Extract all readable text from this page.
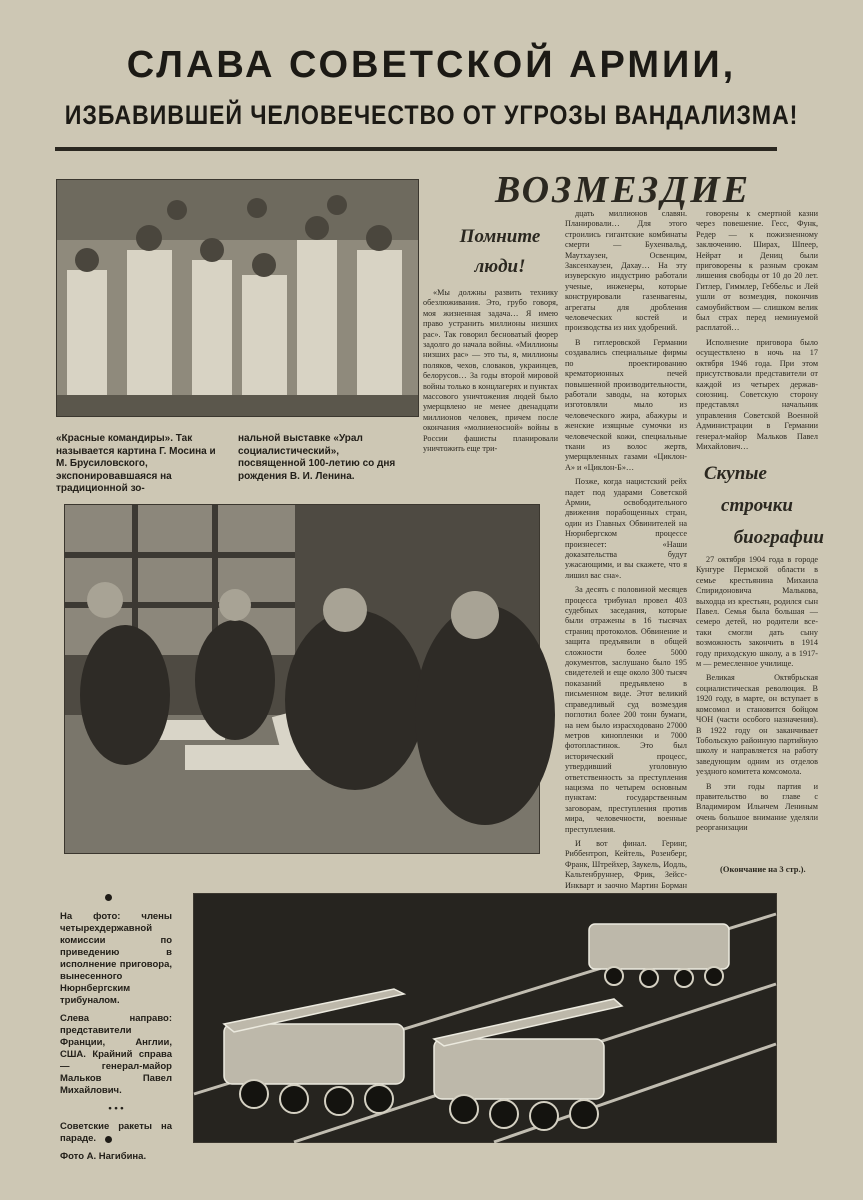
СЛАВА СОВЕТСКОЙ АРМИИ,
ИЗБАВИВШЕЙ ЧЕЛОВЕЧЕСТВО ОТ УГРОЗЫ ВАНДАЛИЗМА!
«Красные командиры». Так называется картина Г. Мосина и М. Брусиловского, экспонировавшаяся на традиционной зо-
нальной выставке «Урал социалистический», посвященной 100-летию со дня рождения В. И. Ленина.
ВОЗМЕЗДИЕ
Помните
люди!

«Мы должны развить технику обезлюживания. Это, грубо говоря, моя жизненная задача… Я имею право устранить миллионы низших рас». Так говорил бесноватый фюрер задолго до начала войны. «Миллионы низших рас» — это ты, я, миллионы поляков, чехов, словаков, украинцев, белорусов… За годы второй мировой войны только в концлагерях и пунктах массового уничтожения людей было умерщвлено не менее двенадцати миллионов человек, причем после окончания «молниеносной» войны в России фашисты планировали уничтожить еще три-

дцать миллионов славян. Планировали… Для этого строились гигантские комбинаты смерти — Бухенвальд, Маутхаузен, Освенцим, Заксенхаузен, Дахау… На эту изуверскую индустрию работали ученые, инженеры, которые конструировали газенвагены, агрегаты для дробления человеческих костей и производства из них удобрений.

В гитлеровской Германии создавались специальные фирмы по проектированию крематорионных печей повышенной производительности, работали заводы, на которых изготовляли мыло из человеческого жира, абажуры и женские изящные сумочки из человеческой кожи, специальные ткани из волос жертв, умерщвленных газами «Циклон-А» и «Циклон-Б»…

Позже, когда нацистский рейх падет под ударами Советской Армии, освободительного движения порабощенных стран, один из Главных Обвинителей на Нюрнбергском процессе произнесет: «Наши доказательства будут ужасающими, и вы скажете, что я лишил вас сна».

За десять с половиной месяцев процесса трибунал провел 403 судебных заседания, которые были отражены в 16 тысячах страниц протоколов. Обвинение и защита предъявили в общей сложности более 5000 документов, заслушано было 195 свидетелей и еще около 300 тысяч показаний предъявлено в письменном виде. Этот великий справедливый суд возмездия поглотил более 200 тонн бумаги, на нем было израсходовано 27000 метров кинопленки и 7000 фотопластинок. Это был исторический процесс, утвердивший уголовную ответственность за преступления нацизма по четырем основным пунктам: государственным заговорам, преступления против мира, человечности, военные преступления.

И вот финал. Геринг, Риббентроп, Кейтель, Розенберг, Франк, Штрейхер, Заукель, Иодль, Кальтенбруннер, Фрик, Зейсс-Инкварт и заочно Мартин Борман

говорены к смертной казни через повешение. Гесс, Функ, Редер — к пожизненному заключению. Ширах, Шпеер, Нейрат и Дениц были приговорены к разным срокам лишения свободы от 10 до 20 лет. Гитлер, Гиммлер, Геббельс и Лей ушли от возмездия, покончив самоубийством — слишком велик был страх перед неминуемой расплатой…

Исполнение приговора было осуществлено в ночь на 17 октября 1946 года. При этом присутствовали представители от каждой из четырех держав-союзниц. Советскую сторону представлял начальник управления Советской Военной Администрации в Германии генерал-майор Мальков Павел Михайлович…

Скупые
строчки
биографии

27 октября 1904 года в городе Кунгуре Пермской области в семье крестьянина Михаила Спиридоновича Малькова, выходца из крестьян, родился сын Павел. Семья была большая — семеро детей, но родители все-таки смогли дать сыну возможность закончить в 1914 году приходскую школу, а в 1917-м — ремесленное училище.

Великая Октябрьская социалистическая революция. В 1920 году, в марте, он вступает в комсомол и становится бойцом ЧОН (части особого назначения). В 1922 году он заканчивает Тобольскую районную партийную школу и направляется на работу заведующим одним из отделов уездного комитета комсомола.

В эти годы партия и правительство во главе с Владимиром Ильичем Лениным очень большое внимание уделяли реорганизации

(Окончание на 3 стр.).
На фото: члены четырехдержавной комиссии по приведению в исполнение приговора, вынесенного Нюрнбергским трибуналом.
Слева направо: представители Франции, Англии, США. Крайний справа — генерал-майор Мальков Павел Михайлович.
• • •
Советские ракеты на параде.
Фото А. Нагибина.
